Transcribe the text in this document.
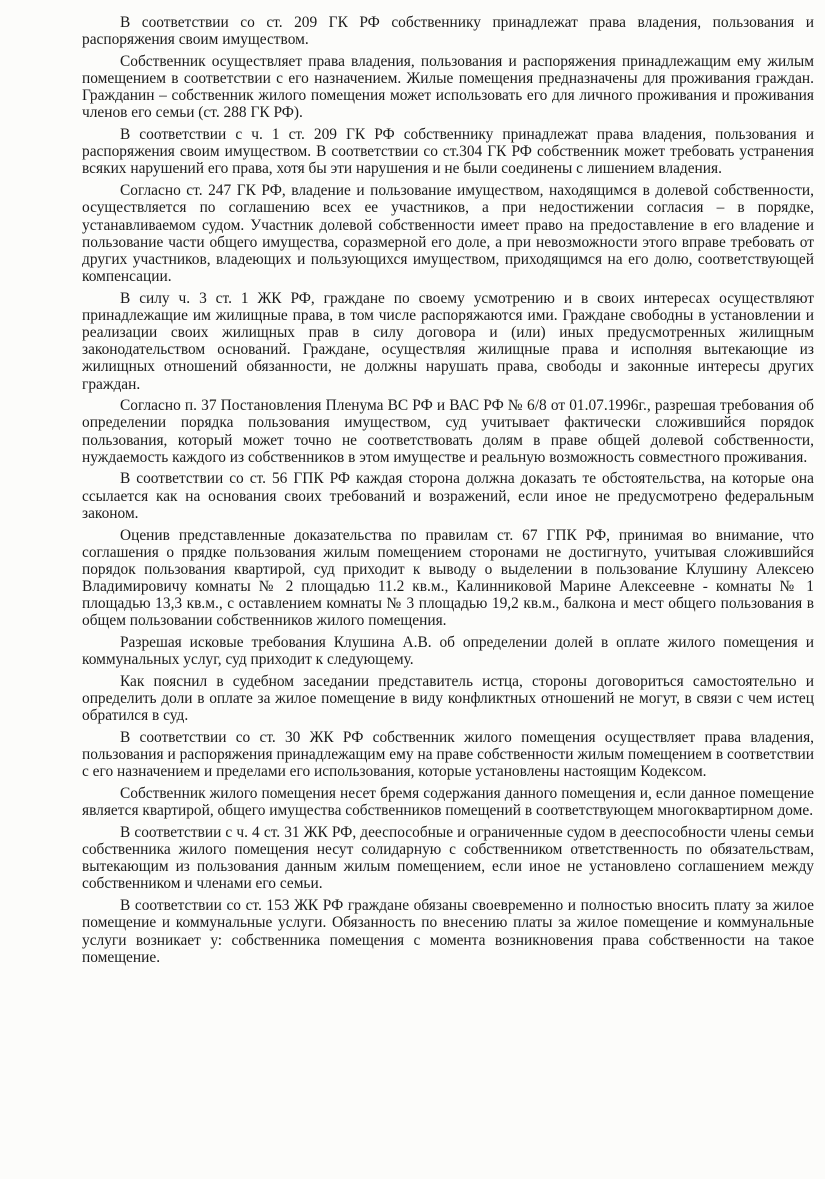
В соответствии со ст. 209 ГК РФ собственнику принадлежат права владения, пользования и распоряжения своим имуществом.

Собственник осуществляет права владения, пользования и распоряжения принадлежащим ему жилым помещением в соответствии с его назначением. Жилые помещения предназначены для проживания граждан. Гражданин – собственник жилого помещения может использовать его для личного проживания и проживания членов его семьи (ст. 288 ГК РФ).

В соответствии с ч. 1 ст. 209 ГК РФ собственнику принадлежат права владения, пользования и распоряжения своим имуществом. В соответствии со ст.304 ГК РФ собственник может требовать устранения всяких нарушений его права, хотя бы эти нарушения и не были соединены с лишением владения.

Согласно ст. 247 ГК РФ, владение и пользование имуществом, находящимся в долевой собственности, осуществляется по соглашению всех ее участников, а при недостижении согласия – в порядке, устанавливаемом судом. Участник долевой собственности имеет право на предоставление в его владение и пользование части общего имущества, соразмерной его доле, а при невозможности этого вправе требовать от других участников, владеющих и пользующихся имуществом, приходящимся на его долю, соответствующей компенсации.

В силу ч. 3 ст. 1 ЖК РФ, граждане по своему усмотрению и в своих интересах осуществляют принадлежащие им жилищные права, в том числе распоряжаются ими. Граждане свободны в установлении и реализации своих жилищных прав в силу договора и (или) иных предусмотренных жилищным законодательством оснований. Граждане, осуществляя жилищные права и исполняя вытекающие из жилищных отношений обязанности, не должны нарушать права, свободы и законные интересы других граждан.

Согласно п. 37 Постановления Пленума ВС РФ и ВАС РФ № 6/8 от 01.07.1996г., разрешая требования об определении порядка пользования имуществом, суд учитывает фактически сложившийся порядок пользования, который может точно не соответствовать долям в праве общей долевой собственности, нуждаемость каждого из собственников в этом имуществе и реальную возможность совместного проживания.

В соответствии со ст. 56 ГПК РФ каждая сторона должна доказать те обстоятельства, на которые она ссылается как на основания своих требований и возражений, если иное не предусмотрено федеральным законом.

Оценив представленные доказательства по правилам ст. 67 ГПК РФ, принимая во внимание, что соглашения о прядке пользования жилым помещением сторонами не достигнуто, учитывая сложившийся порядок пользования квартирой, суд приходит к выводу о выделении в пользование Клушину Алексею Владимировичу комнаты № 2 площадью 11.2 кв.м., Калинниковой Марине Алексеевне - комнаты № 1 площадью 13,3 кв.м., с оставлением комнаты № 3 площадью 19,2 кв.м., балкона и мест общего пользования в общем пользовании собственников жилого помещения.

Разрешая исковые требования Клушина А.В. об определении долей в оплате жилого помещения и коммунальных услуг, суд приходит к следующему.

Как пояснил в судебном заседании представитель истца, стороны договориться самостоятельно и определить доли в оплате за жилое помещение в виду конфликтных отношений не могут, в связи с чем истец обратился в суд.

В соответствии со ст. 30 ЖК РФ собственник жилого помещения осуществляет права владения, пользования и распоряжения принадлежащим ему на праве собственности жилым помещением в соответствии с его назначением и пределами его использования, которые установлены настоящим Кодексом.

Собственник жилого помещения несет бремя содержания данного помещения и, если данное помещение является квартирой, общего имущества собственников помещений в соответствующем многоквартирном доме.

В соответствии с ч. 4 ст. 31 ЖК РФ, дееспособные и ограниченные судом в дееспособности члены семьи собственника жилого помещения несут солидарную с собственником ответственность по обязательствам, вытекающим из пользования данным жилым помещением, если иное не установлено соглашением между собственником и членами его семьи.

В соответствии со ст. 153 ЖК РФ граждане обязаны своевременно и полностью вносить плату за жилое помещение и коммунальные услуги. Обязанность по внесению платы за жилое помещение и коммунальные услуги возникает у: собственника помещения с момента возникновения права собственности на такое помещение.
